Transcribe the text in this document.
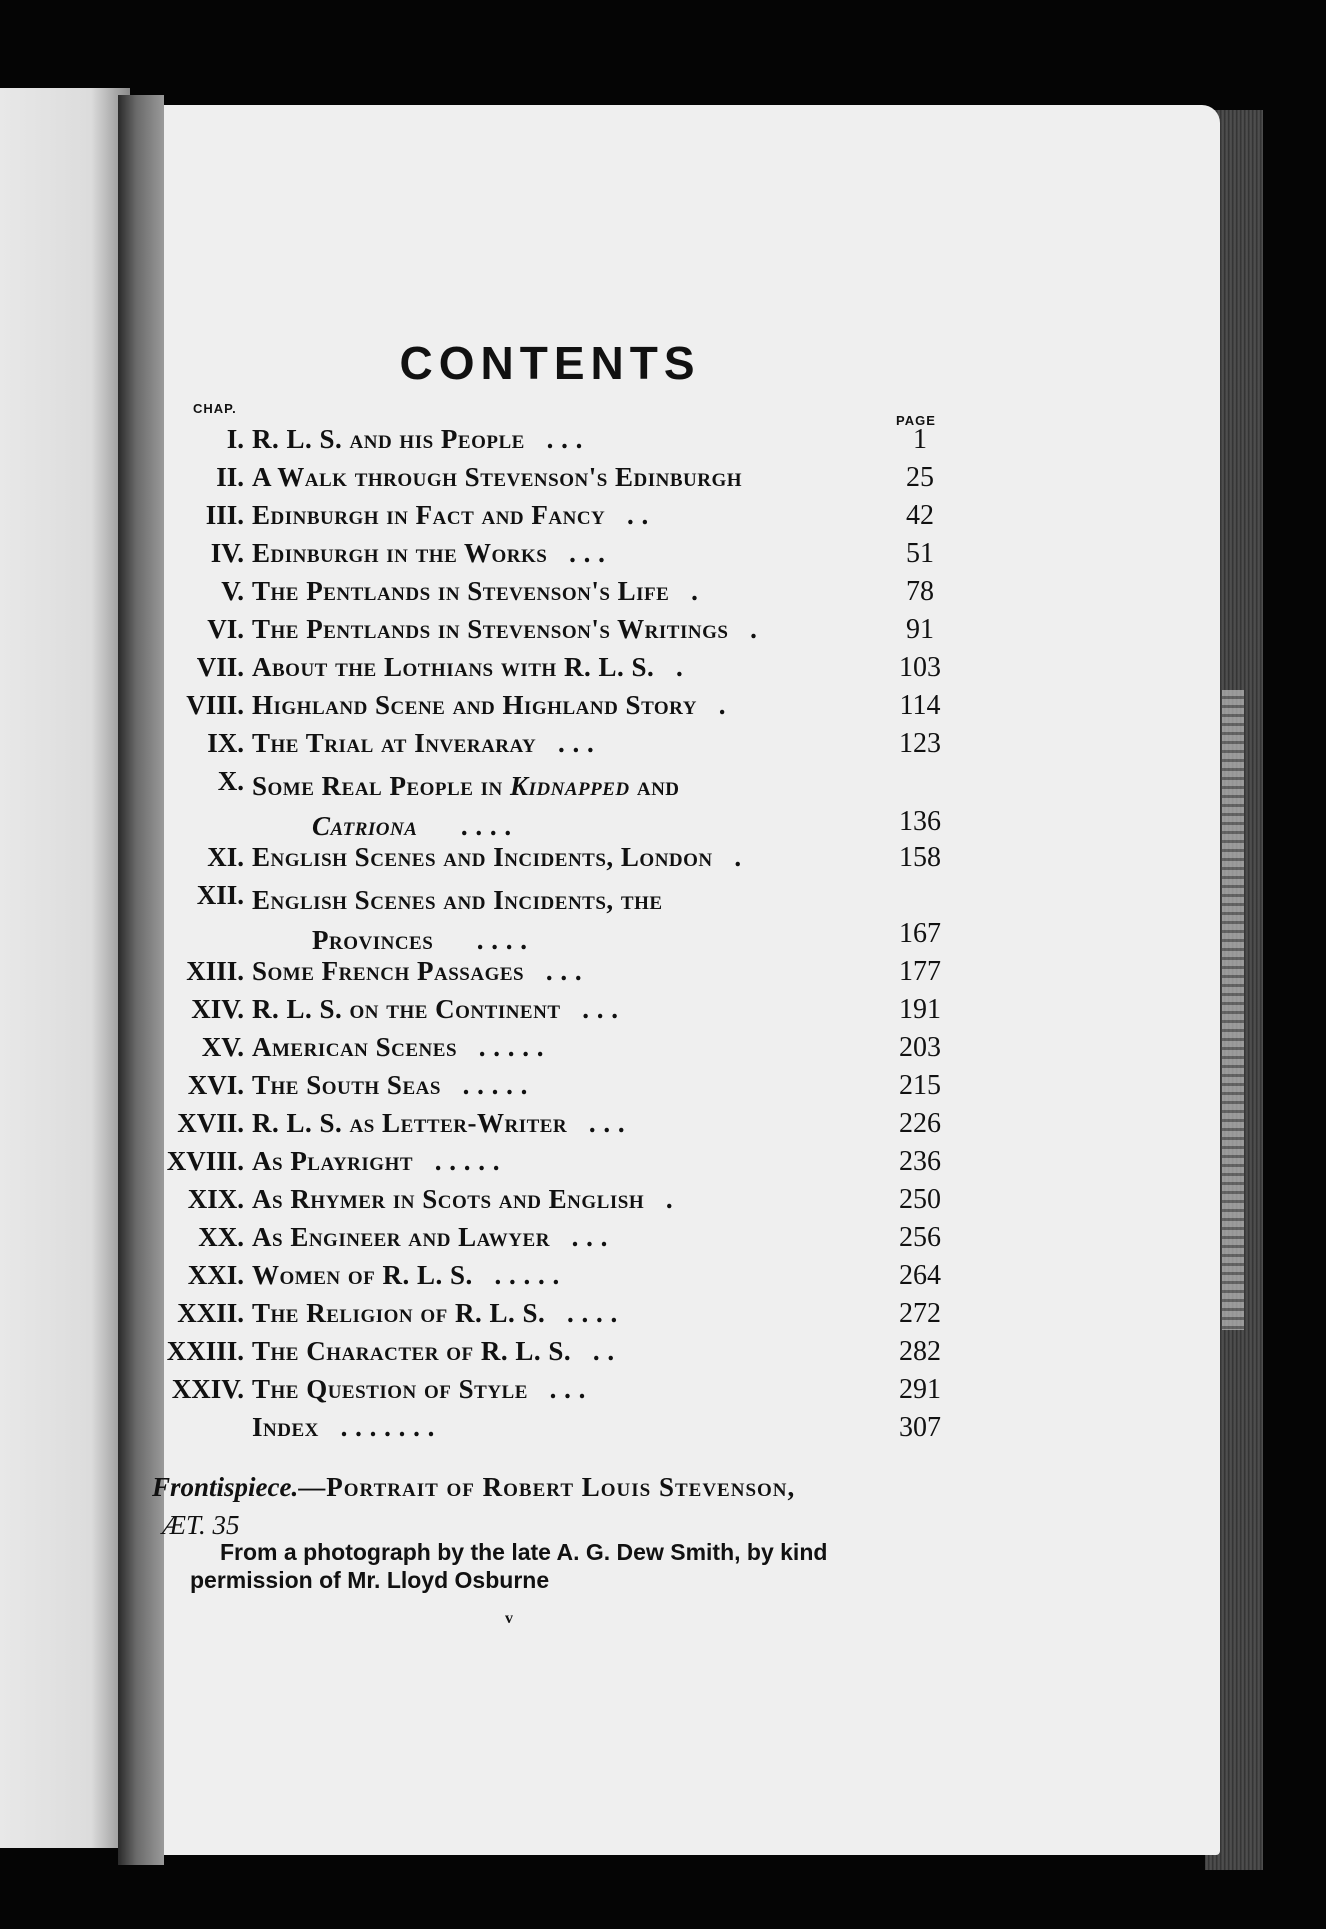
CONTENTS
CHAP.
PAGE
I. R. L. S. and his People . . .	1
II. A Walk through Stevenson's Edinburgh	25
III. Edinburgh in Fact and Fancy . .	42
IV. Edinburgh in the Works . . .	51
V. The Pentlands in Stevenson's Life .	78
VI. The Pentlands in Stevenson's Writings .	91
VII. About the Lothians with R. L. S. .	103
VIII. Highland Scene and Highland Story .	114
IX. The Trial at Inveraray . . .	123
X. Some Real People in Kidnapped and
Catriona . . . .	136
XI. English Scenes and Incidents, London .	158
XII. English Scenes and Incidents, the
Provinces . . . .	167
XIII. Some French Passages . . .	177
XIV. R. L. S. on the Continent . . .	191
XV. American Scenes . . . . .	203
XVI. The South Seas . . . . .	215
XVII. R. L. S. as Letter-Writer . . .	226
XVIII. As Playright . . . . .	236
XIX. As Rhymer in Scots and English .	250
XX. As Engineer and Lawyer . . .	256
XXI. Women of R. L. S. . . . . .	264
XXII. The Religion of R. L. S. . . . .	272
XXIII. The Character of R. L. S. . .	282
XXIV. The Question of Style . . .	291
Index . . . . . . .	307
Frontispiece.—Portrait of Robert Louis Stevenson,
ÆT. 35
From a photograph by the late A. G. Dew Smith, by kind permission of Mr. Lloyd Osburne
v
